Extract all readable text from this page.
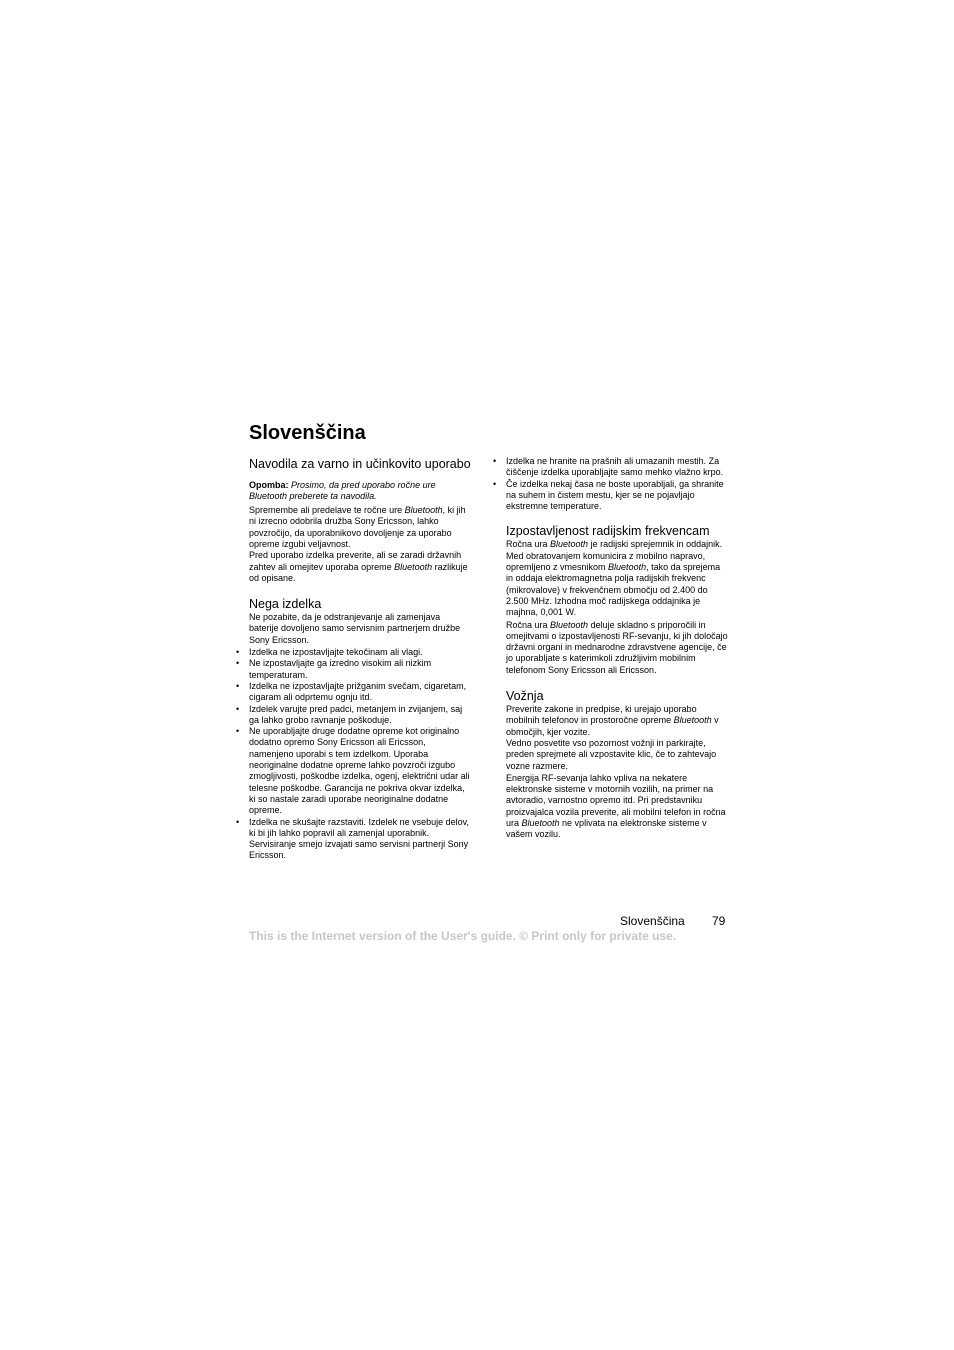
Slovenščina
Navodila za varno in učinkovito uporabo

Opomba: Prosimo, da pred uporabo ročne ure Bluetooth preberete ta navodila.

Spremembe ali predelave te ročne ure Bluetooth, ki jih ni izrecno odobrila družba Sony Ericsson, lahko povzročijo, da uporabnikovo dovoljenje za uporabo opreme izgubi veljavnost.

Pred uporabo izdelka preverite, ali se zaradi državnih zahtev ali omejitev uporaba opreme Bluetooth razlikuje od opisane.

Nega izdelka

Ne pozabite, da je odstranjevanje ali zamenjava baterije dovoljeno samo servisnim partnerjem družbe Sony Ericsson.

• Izdelka ne izpostavljajte tekočinam ali vlagi.
• Ne izpostavljajte ga izredno visokim ali nizkim temperaturam.
• Izdelka ne izpostavljajte prižganim svečam, cigaretam, cigaram ali odprtemu ognju itd.
• Izdelek varujte pred padci, metanjem in zvijanjem, saj ga lahko grobo ravnanje poškoduje.
• Ne uporabljajte druge dodatne opreme kot originalno dodatno opremo Sony Ericsson ali Ericsson, namenjeno uporabi s tem izdelkom. Uporaba neoriginalne dodatne opreme lahko povzroči izgubo zmogljivosti, poškodbe izdelka, ogenj, električni udar ali telesne poškodbe. Garancija ne pokriva okvar izdelka, ki so nastale zaradi uporabe neoriginalne dodatne opreme.
• Izdelka ne skušajte razstaviti. Izdelek ne vsebuje delov, ki bi jih lahko popravil ali zamenjal uporabnik. Servisiranje smejo izvajati samo servisni partnerji Sony Ericsson.
• Izdelka ne hranite na prašnih ali umazanih mestih. Za čiščenje izdelka uporabljajte samo mehko vlažno krpo.
• Če izdelka nekaj časa ne boste uporabljali, ga shranite na suhem in čistem mestu, kjer se ne pojavljajo ekstremne temperature.
Izpostavljenost radijskim frekvencam

Ročna ura Bluetooth je radijski sprejemnik in oddajnik. Med obratovanjem komunicira z mobilno napravo, opremljeno z vmesnikom Bluetooth, tako da sprejema in oddaja elektromagnetna polja radijskih frekvenc (mikrovalove) v frekvenčnem območju od 2.400 do 2.500 MHz. Izhodna moč radijskega oddajnika je majhna, 0,001 W.

Ročna ura Bluetooth deluje skladno s priporočili in omejitvami o izpostavljenosti RF-sevanju, ki jih določajo državni organi in mednarodne zdravstvene agencije, če jo uporabljate s katerimkoli združljivim mobilnim telefonom Sony Ericsson ali Ericsson.

Vožnja

Preverite zakone in predpise, ki urejajo uporabo mobilnih telefonov in prostoročne opreme Bluetooth v območjih, kjer vozite.

Vedno posvetite vso pozornost vožnji in parkirajte, preden sprejmete ali vzpostavite klic, če to zahtevajo vozne razmere.

Energija RF-sevanja lahko vpliva na nekatere elektronske sisteme v motornih vozilih, na primer na avtoradio, varnostno opremo itd. Pri predstavniku proizvajalca vozila preverite, ali mobilni telefon in ročna ura Bluetooth ne vplivata na elektronske sisteme v vašem vozilu.

Slovenščina 79
This is the Internet version of the User's guide. © Print only for private use.
